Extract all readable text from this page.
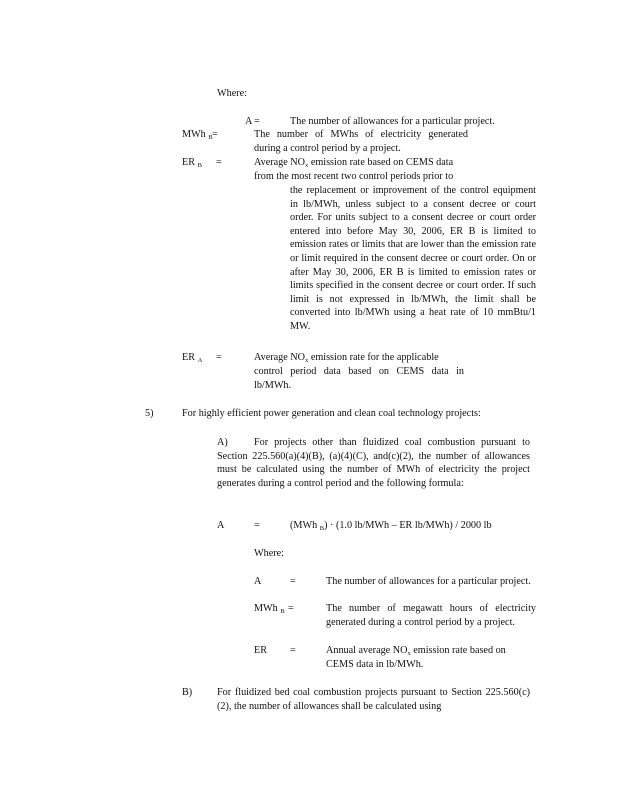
Where:
A =	The number of allowances for a particular project.
MWh $_B$ =	The number of MWhs of electricity generated during a control period by a project.
ER $_B$ =	Average $NO_x$ emission rate based on CEMS data
from the most recent two control periods prior to
the replacement or improvement of the control equipment in lb/MWh, unless subject to a consent decree or court order. For units subject to a consent decree or court order entered into before May 30, 2006, ER B is limited to emission rates or limits that are lower than the emission rate or limit required in the consent decree or court order. On or after May 30, 2006, ER B is limited to emission rates or limits specified in the consent decree or court order. If such limit is not expressed in lb/MWh, the limit shall be converted into lb/MWh using a heat rate of 10 mmBtu/1 MW.
ER $_A$ =	Average $NO_x$ emission rate for the applicable
control period data based on CEMS data in lb/MWh.
5)	For highly efficient power generation and clean coal technology projects:
A)	For projects other than fluidized coal combustion pursuant to Section 225.560(a)(4)(B), (a)(4)(C), and(c)(2), the number of allowances must be calculated using the number of MWh of electricity the project generates during a control period and the following formula:
A	=	(MWh $_B$) · (1.0 lb/MWh – ER lb/MWh) / 2000 lb
Where:
A	=	The number of allowances for a particular project.
MWh $_B$ =	The number of megawatt hours of electricity generated during a control period by a project.
ER =	Annual average $NO_x$ emission rate based on
CEMS data in lb/MWh.
B) For fluidized bed coal combustion projects pursuant to Section 225.560(c)(2), the number of allowances shall be calculated using
